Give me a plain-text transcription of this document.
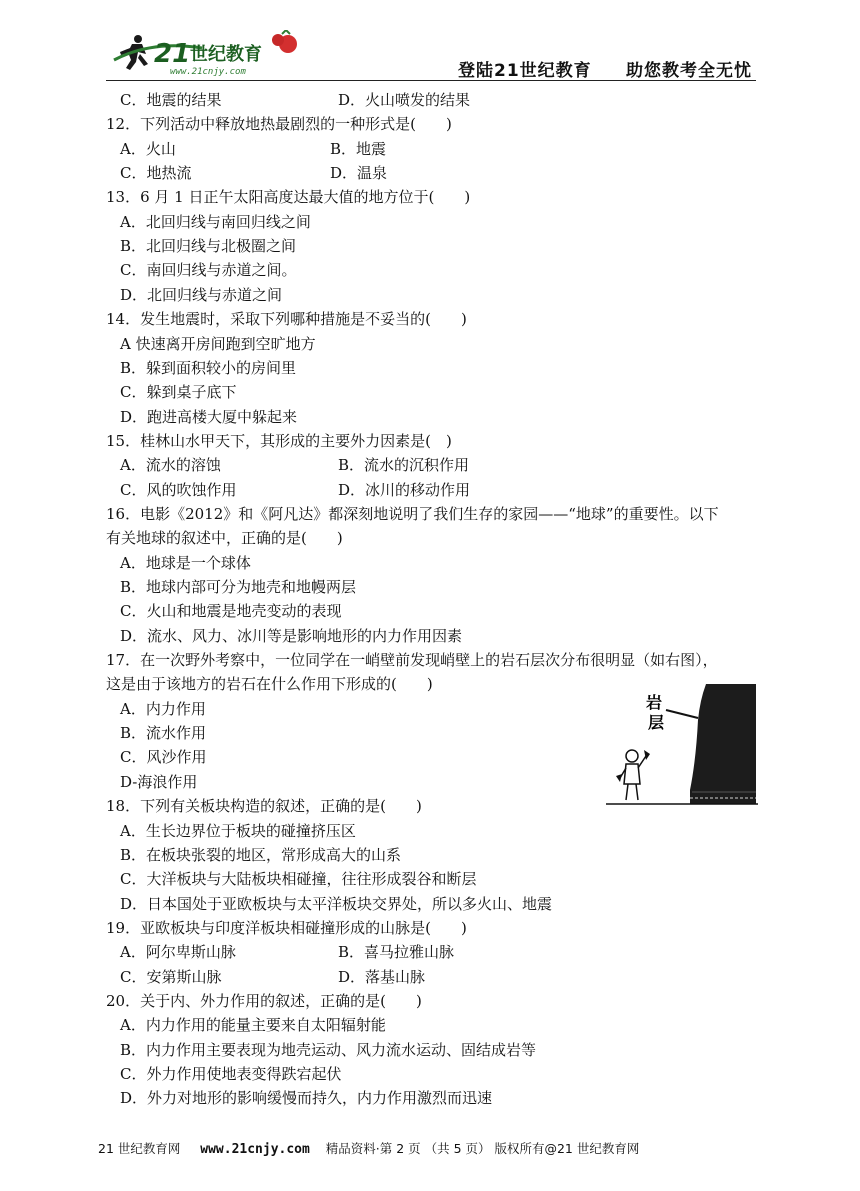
21 世纪教育
www.21cnjy.com	登陆21世纪教育 助您教考全无忧
岩
层
21 世纪教育网 www.21cnjy.com 精品资料·第 2 页 （共 5 页） 版权所有@21 世纪教育网
C．地震的结果	D．火山喷发的结果
12．下列活动中释放地热最剧烈的一种形式是(　　)
A．火山	B．地震
C．地热流	D．温泉
13．6 月 1 日正午太阳高度达最大值的地方位于(　　)
A．北回归线与南回归线之间
B．北回归线与北极圈之间
C．南回归线与赤道之间。
D．北回归线与赤道之间
14．发生地震时，采取下列哪种措施是不妥当的(　　)
A 快速离开房间跑到空旷地方
B．躲到面积较小的房间里
C．躲到桌子底下
D．跑进高楼大厦中躲起来
15．桂林山水甲天下，其形成的主要外力因素是(　)
A．流水的溶蚀	B．流水的沉积作用
C．风的吹蚀作用	D．冰川的移动作用
16．电影《2012》和《阿凡达》都深刻地说明了我们生存的家园——“地球”的重要性。以下
有关地球的叙述中，正确的是(　　)
A．地球是一个球体
B．地球内部可分为地壳和地幔两层
C．火山和地震是地壳变动的表现
D．流水、风力、冰川等是影响地形的内力作用因素
17．在一次野外考察中，一位同学在一峭壁前发现峭壁上的岩石层次分布很明显（如右图），
这是由于该地方的岩石在什么作用下形成的(　　)
A．内力作用
B．流水作用
C．风沙作用
D-海浪作用
18．下列有关板块构造的叙述，正确的是(　　)
A．生长边界位于板块的碰撞挤压区
B．在板块张裂的地区，常形成高大的山系
C．大洋板块与大陆板块相碰撞，往往形成裂谷和断层
D．日本国处于亚欧板块与太平洋板块交界处，所以多火山、地震
19．亚欧板块与印度洋板块相碰撞形成的山脉是(　　)
A．阿尔卑斯山脉	B．喜马拉雅山脉
C．安第斯山脉	D．落基山脉
20．关于内、外力作用的叙述，正确的是(　　)
A．内力作用的能量主要来自太阳辐射能
B．内力作用主要表现为地壳运动、风力流水运动、固结成岩等
C．外力作用使地表变得跌宕起伏
D．外力对地形的影响缓慢而持久，内力作用激烈而迅速
